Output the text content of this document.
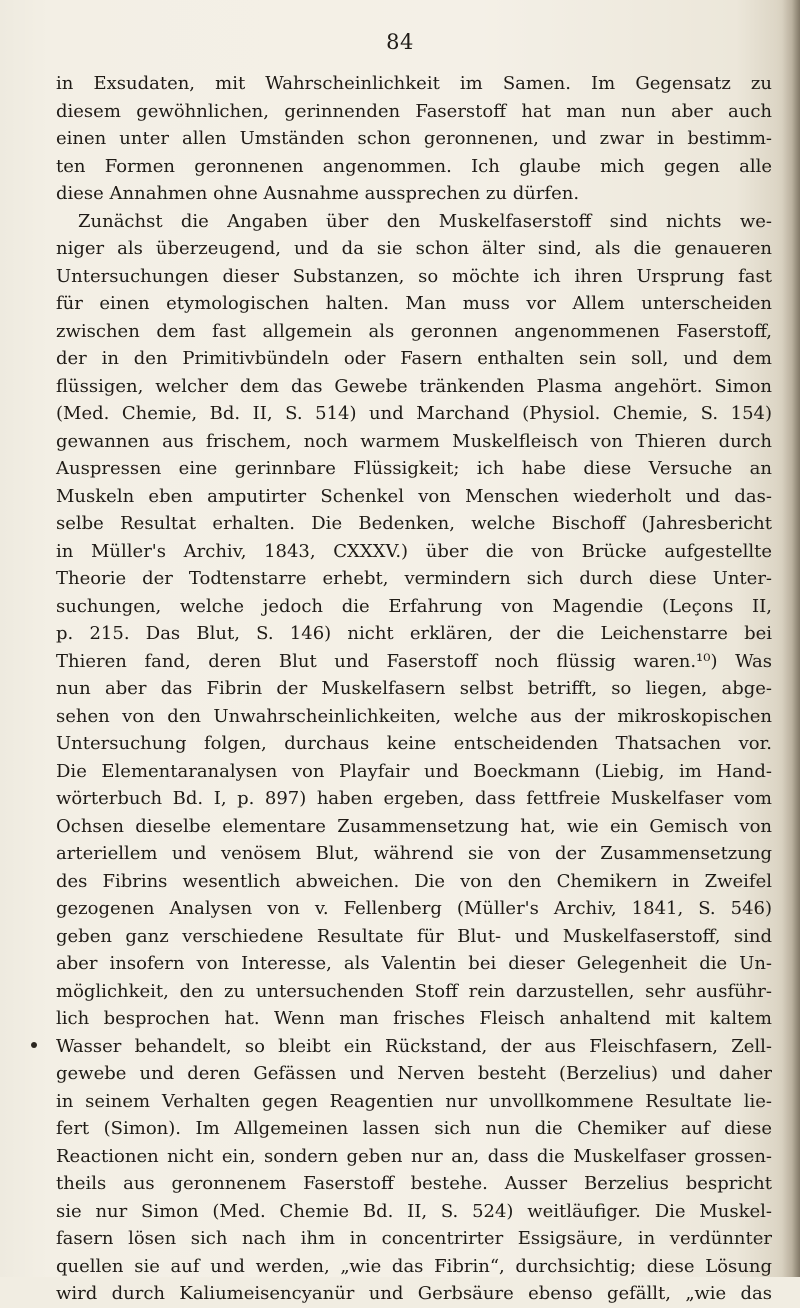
84
in Exsudaten, mit Wahrscheinlichkeit im Samen. Im Gegensatz zu
diesem gewöhnlichen, gerinnenden Faserstoff hat man nun aber auch
einen unter allen Umständen schon geronnenen, und zwar in bestimm-
ten Formen geronnenen angenommen. Ich glaube mich gegen alle
diese Annahmen ohne Ausnahme aussprechen zu dürfen.
Zunächst die Angaben über den Muskelfaserstoff sind nichts we-
niger als überzeugend, und da sie schon älter sind, als die genaueren
Untersuchungen dieser Substanzen, so möchte ich ihren Ursprung fast
für einen etymologischen halten. Man muss vor Allem unterscheiden
zwischen dem fast allgemein als geronnen angenommenen Faserstoff,
der in den Primitivbündeln oder Fasern enthalten sein soll, und dem
flüssigen, welcher dem das Gewebe tränkenden Plasma angehört. Simon
(Med. Chemie, Bd. II, S. 514) und Marchand (Physiol. Chemie, S. 154)
gewannen aus frischem, noch warmem Muskelfleisch von Thieren durch
Auspressen eine gerinnbare Flüssigkeit; ich habe diese Versuche an
Muskeln eben amputirter Schenkel von Menschen wiederholt und das-
selbe Resultat erhalten. Die Bedenken, welche Bischoff (Jahresbericht
in Müller's Archiv, 1843, CXXXV.) über die von Brücke aufgestellte
Theorie der Todtenstarre erhebt, vermindern sich durch diese Unter-
suchungen, welche jedoch die Erfahrung von Magendie (Leçons II,
p. 215. Das Blut, S. 146) nicht erklären, der die Leichenstarre bei
Thieren fand, deren Blut und Faserstoff noch flüssig waren.¹⁰) Was
nun aber das Fibrin der Muskelfasern selbst betrifft, so liegen, abge-
sehen von den Unwahrscheinlichkeiten, welche aus der mikroskopischen
Untersuchung folgen, durchaus keine entscheidenden Thatsachen vor.
Die Elementaranalysen von Playfair und Boeckmann (Liebig, im Hand-
wörterbuch Bd. I, p. 897) haben ergeben, dass fettfreie Muskelfaser vom
Ochsen dieselbe elementare Zusammensetzung hat, wie ein Gemisch von
arteriellem und venösem Blut, während sie von der Zusammensetzung
des Fibrins wesentlich abweichen. Die von den Chemikern in Zweifel
gezogenen Analysen von v. Fellenberg (Müller's Archiv, 1841, S. 546)
geben ganz verschiedene Resultate für Blut- und Muskelfaserstoff, sind
aber insofern von Interesse, als Valentin bei dieser Gelegenheit die Un-
möglichkeit, den zu untersuchenden Stoff rein darzustellen, sehr ausführ-
lich besprochen hat. Wenn man frisches Fleisch anhaltend mit kaltem
Wasser behandelt, so bleibt ein Rückstand, der aus Fleischfasern, Zell-
gewebe und deren Gefässen und Nerven besteht (Berzelius) und daher
in seinem Verhalten gegen Reagentien nur unvollkommene Resultate lie-
fert (Simon). Im Allgemeinen lassen sich nun die Chemiker auf diese
Reactionen nicht ein, sondern geben nur an, dass die Muskelfaser grossen-
theils aus geronnenem Faserstoff bestehe. Ausser Berzelius bespricht
sie nur Simon (Med. Chemie Bd. II, S. 524) weitläufiger. Die Muskel-
fasern lösen sich nach ihm in concentrirter Essigsäure, in verdünnter
quellen sie auf und werden, „wie das Fibrin“, durchsichtig; diese Lösung
wird durch Kaliumeisencyanür und Gerbsäure ebenso gefällt, „wie das
